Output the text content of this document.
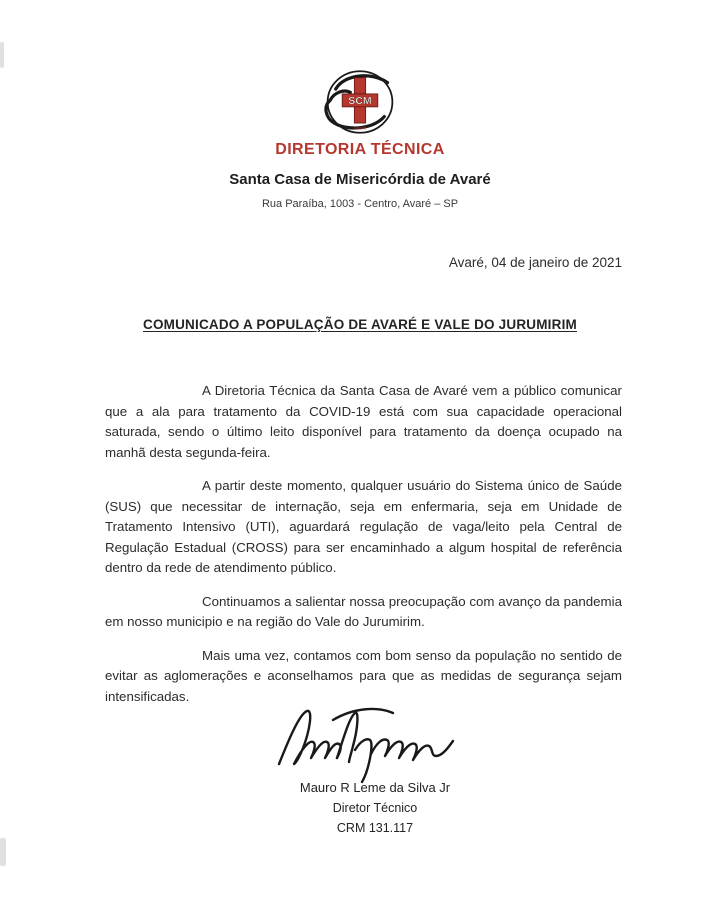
SCM
Avaré
DIRETORIA TÉCNICA
Santa Casa de Misericórdia de Avaré
Rua Paraíba, 1003 - Centro, Avaré – SP
Avaré, 04 de janeiro de 2021
COMUNICADO A POPULAÇÃO DE AVARÉ E VALE DO JURUMIRIM

A Diretoria Técnica da Santa Casa de Avaré vem a público comunicar que a ala para tratamento da COVID-19 está com sua capacidade operacional saturada, sendo o último leito disponível para tratamento da doença ocupado na manhã desta segunda-feira.

A partir deste momento, qualquer usuário do Sistema único de Saúde (SUS) que necessitar de internação, seja em enfermaria, seja em Unidade de Tratamento Intensivo (UTI), aguardará regulação de vaga/leito pela Central de Regulação Estadual (CROSS) para ser encaminhado a algum hospital de referência dentro da rede de atendimento público.

Continuamos a salientar nossa preocupação com avanço da pandemia em nosso municipio e na região do Vale do Jurumirim.

Mais uma vez, contamos com bom senso da população no sentido de evitar as aglomerações e aconselhamos para que as medidas de segurança sejam intensificadas.

Mauro R Leme da Silva Jr
Diretor Técnico
CRM 131.117
